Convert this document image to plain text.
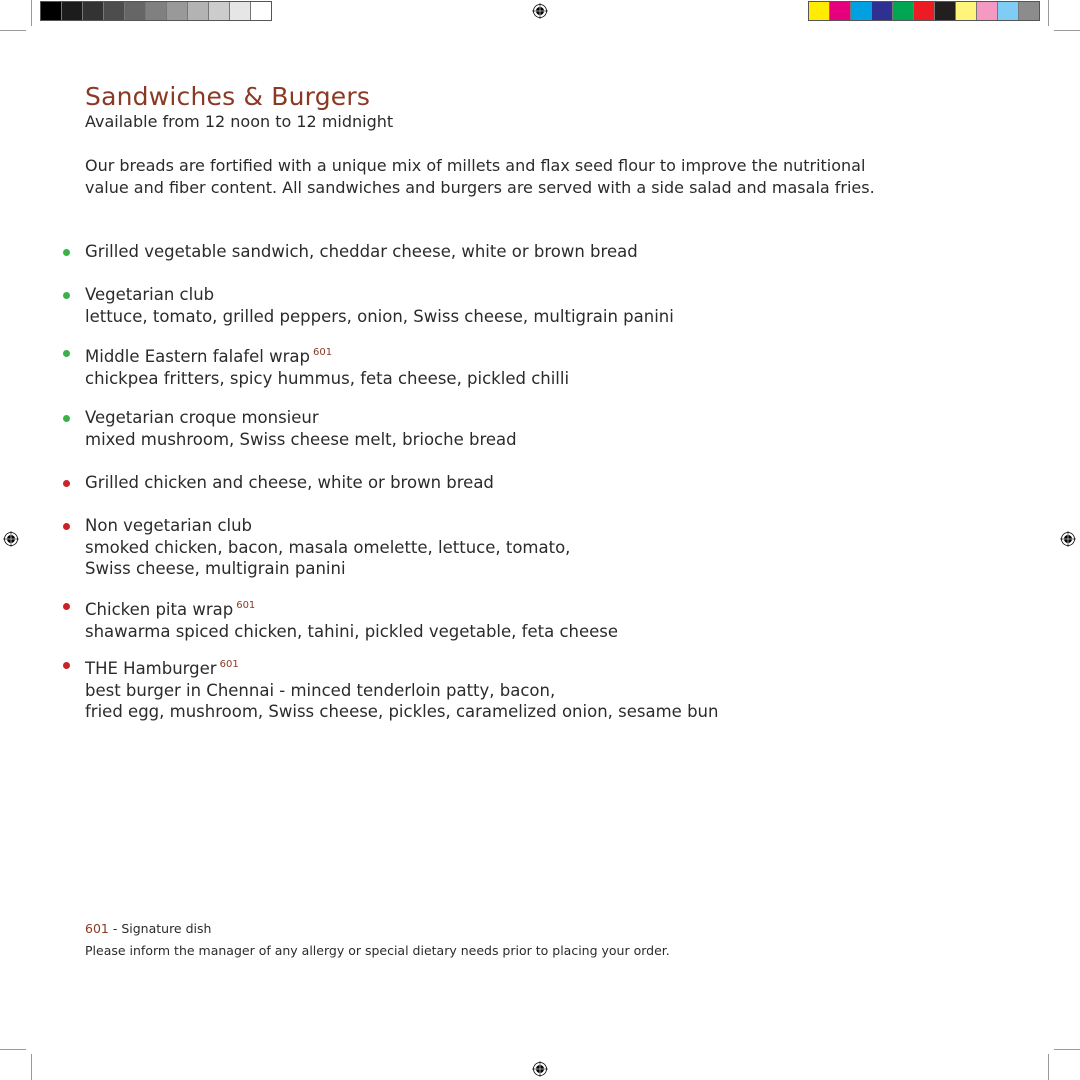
Sandwiches & Burgers
Available from 12 noon to 12 midnight
Our breads are fortified with a unique mix of millets and flax seed flour to improve the nutritional value and fiber content. All sandwiches and burgers are served with a side salad and masala fries.
Grilled vegetable sandwich, cheddar cheese, white or brown bread
Vegetarian club
lettuce, tomato, grilled peppers, onion, Swiss cheese, multigrain panini
Middle Eastern falafel wrap $^{601}$
chickpea fritters, spicy hummus, feta cheese, pickled chilli
Vegetarian croque monsieur
mixed mushroom, Swiss cheese melt, brioche bread
Grilled chicken and cheese, white or brown bread
Non vegetarian club
smoked chicken, bacon, masala omelette, lettuce, tomato,
Swiss cheese, multigrain panini
Chicken pita wrap $^{601}$
shawarma spiced chicken, tahini, pickled vegetable, feta cheese
THE Hamburger $^{601}$
best burger in Chennai - minced tenderloin patty, bacon,
fried egg, mushroom, Swiss cheese, pickles, caramelized onion, sesame bun
601 - Signature dish
Please inform the manager of any allergy or special dietary needs prior to placing your order.
